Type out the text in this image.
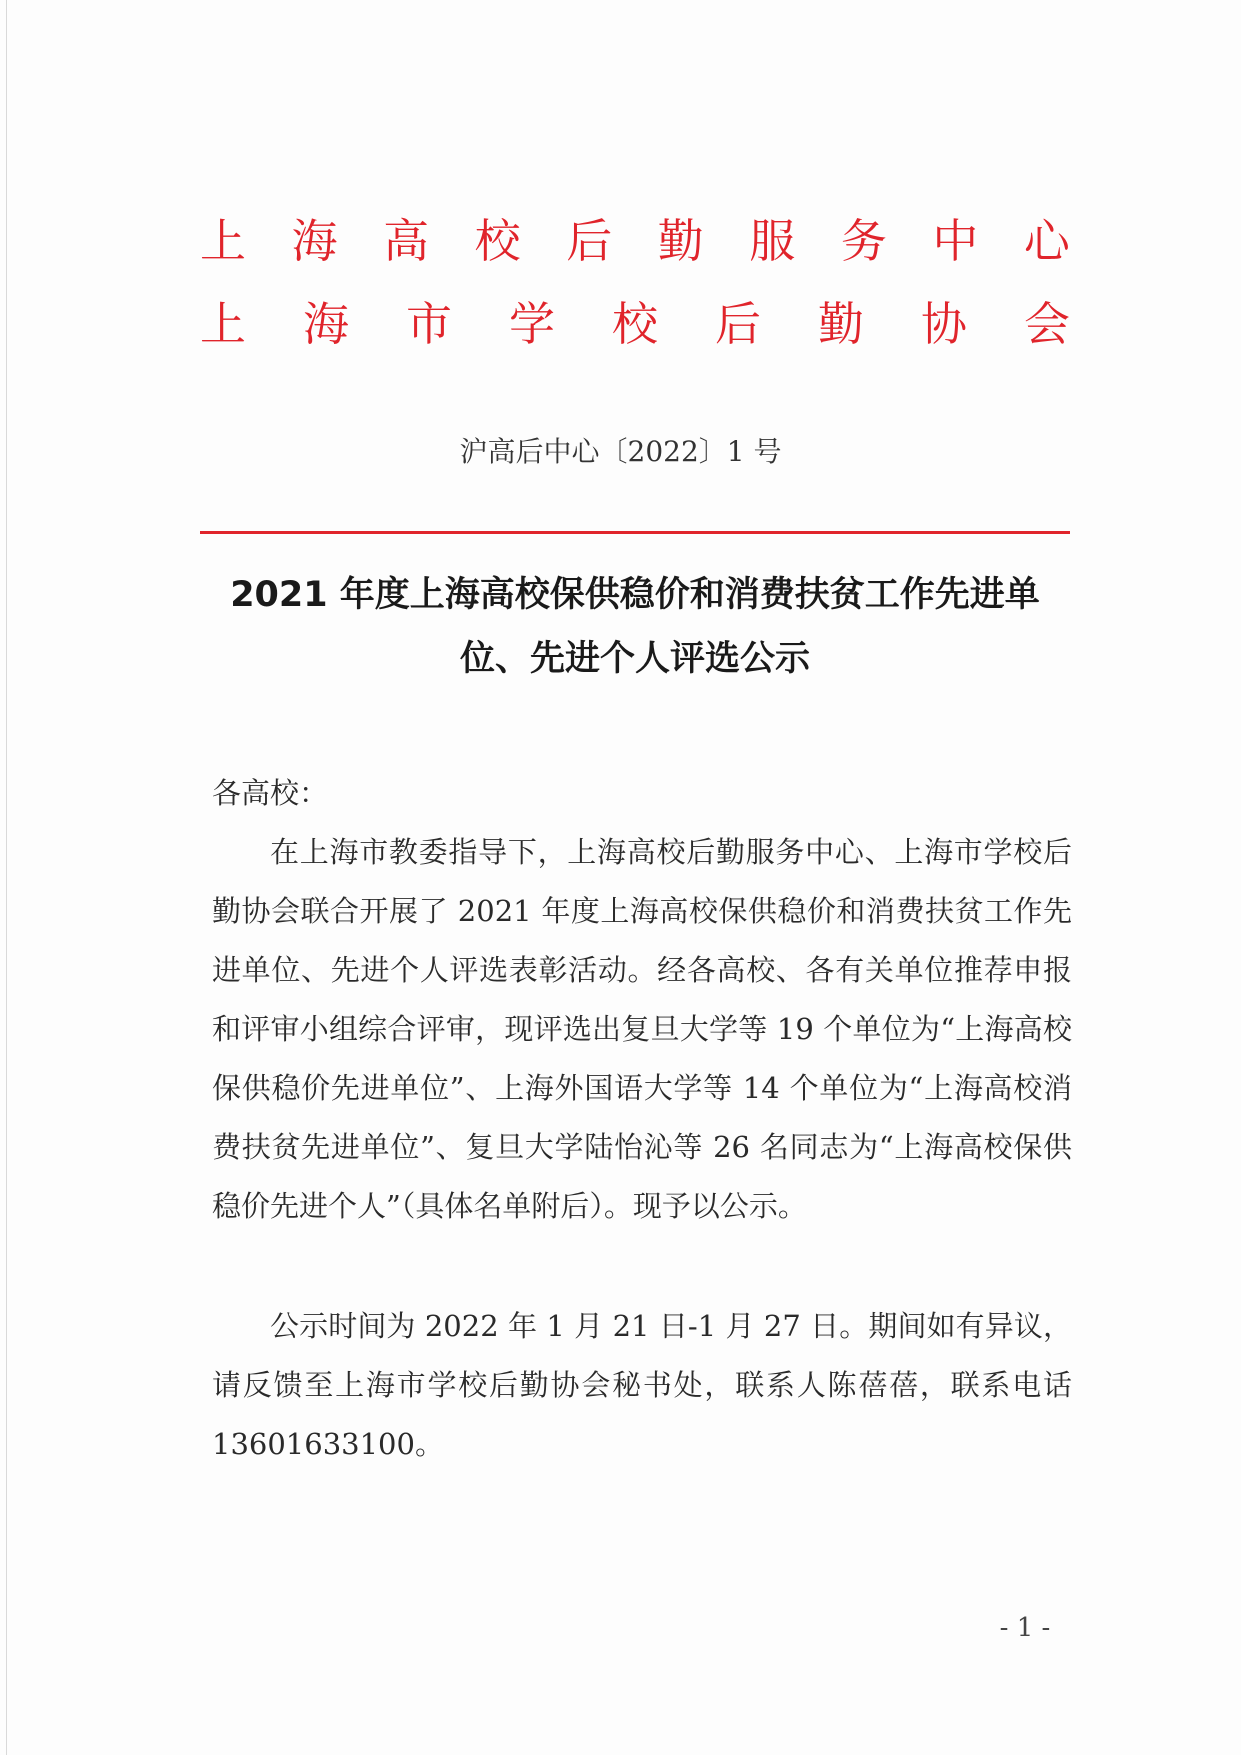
上 海 高 校 后 勤 服 务 中 心
上 海 市 学 校 后 勤 协 会
沪高后中心〔2022〕1 号
2021 年度上海高校保供稳价和消费扶贫工作先进单位、先进个人评选公示
各高校：
在上海市教委指导下，上海高校后勤服务中心、上海市学校后勤协会联合开展了 2021 年度上海高校保供稳价和消费扶贫工作先进单位、先进个人评选表彰活动。经各高校、各有关单位推荐申报和评审小组综合评审，现评选出复旦大学等 19 个单位为“上海高校保供稳价先进单位”、上海外国语大学等 14 个单位为“上海高校消费扶贫先进单位”、复旦大学陆怡沁等 26 名同志为“上海高校保供稳价先进个人”（具体名单附后）。现予以公示。
公示时间为 2022 年 1 月 21 日-1 月 27 日。期间如有异议，请反馈至上海市学校后勤协会秘书处，联系人陈蓓蓓，联系电话 13601633100。
- 1 -
